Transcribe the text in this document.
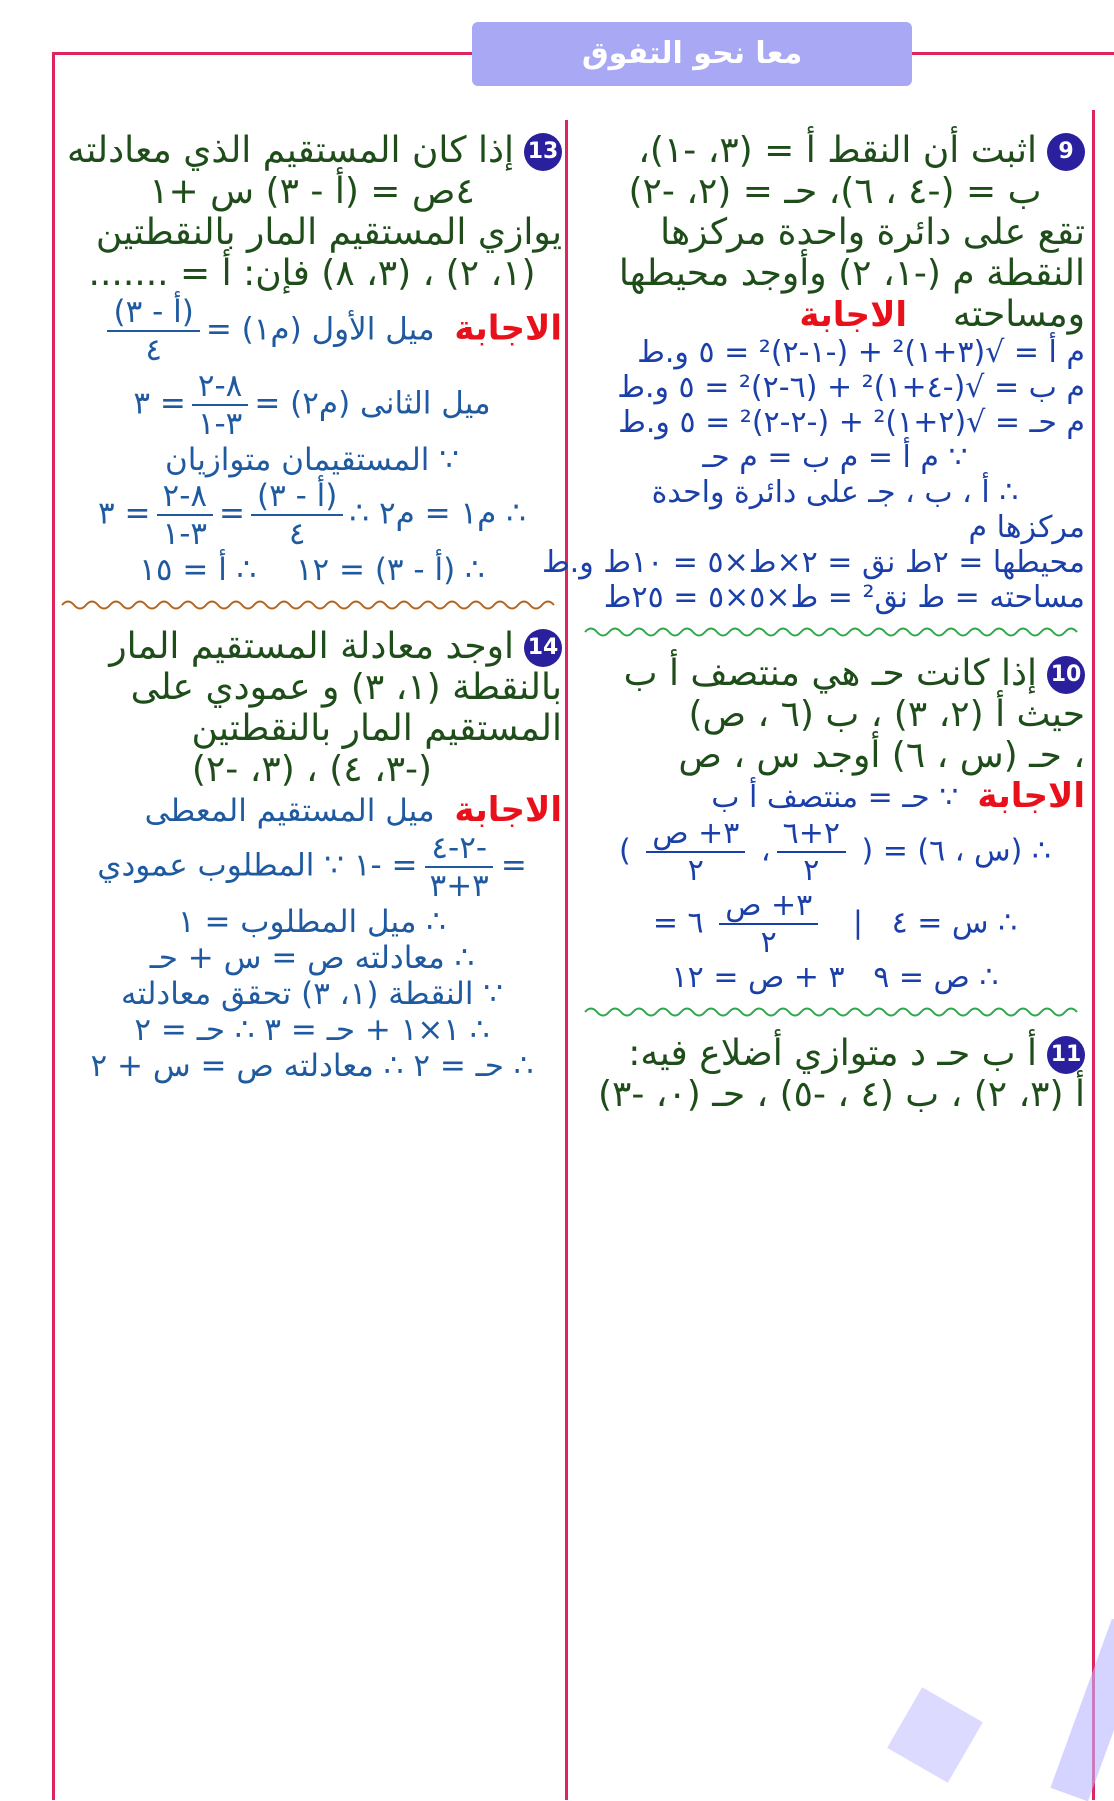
معا نحو التفوق

9اثبت أن النقط أ = (٣، -١)،

ب = (-٤ ، ٦)، حـ = (٢، -٢)

تقع على دائرة واحدة مركزها

النقطة م (-١، ٢) وأوجد محيطها

ومساحته    الاجابة

م أ = √(٣+١)² + (-١-٢)² = ٥ و.ط

م ب = √(-٤+١)² + (٦-٢)² = ٥ و.ط

م حـ = √(٢+١)² + (-٢-٢)² = ٥ و.ط

∵ م أ = م ب = م حـ

∴ أ ، ب ، جـ على دائرة واحدة

مركزها م

محيطها = ٢ط نق = ٢×ط×٥ = ١٠ط و.ط

مساحته = ط نق² = ط×٥×٥ = ٢٥ط

10إذا كانت حـ هي منتصف أ ب

حيث أ (٢، ٣) ، ب (٦ ، ص)

، حـ (س ، ٦) أوجد س ، ص

الاجابة  ∵ حـ = منتصف أ ب

∴ (س ، ٦) = (
$\frac{٢+٦}{٢}$
،
$\frac{\text{٣+ ص}}{٢}$
)

∴ س = ٤   |
$\frac{\text{٣+ ص}}{٢}$
٦ =

∴ ص = ٩   ٣ + ص = ١٢

11أ ب حـ د متوازي أضلاع فيه:

أ (٣، ٢) ، ب (٤ ، -٥) ، حـ (٠، -٣)

13إذا كان المستقيم الذي معادلته

٤ص = (أ - ٣) س +١

يوازي المستقيم المار بالنقطتين

(١، ٢) ، (٣، ٨) فإن: أ = .......

الاجابة  ميل الأول (م١) =
$\frac{\text{(أ - ٣)}}{٤}$

ميل الثانى (م٢) =
$\frac{٨-٢}{٣-١}$
= ٣

∵ المستقيمان متوازيان

∴ م١ = م٢ ∴
$\frac{\text{(أ - ٣)}}{٤}$
=
$\frac{٨-٢}{٣-١}$
= ٣

∴ (أ - ٣) = ١٢    ∴ أ = ١٥

14اوجد معادلة المستقيم المار

بالنقطة (١، ٣) و عمودي على

المستقيم المار بالنقطتين

(-٣، ٤) ، (٣، -٢)

الاجابة  ميل المستقيم المعطى

=
$\frac{-٢-٤}{٣+٣}$
= -١ ∵ المطلوب عمودي

∴ ميل المطلوب = ١

∴ معادلته ص = س + حـ

∵ النقطة (١، ٣) تحقق معادلته

∴ ١×١ + حـ = ٣ ∴ حـ = ٢

∴ حـ = ٢ ∴ معادلته ص = س + ٢
